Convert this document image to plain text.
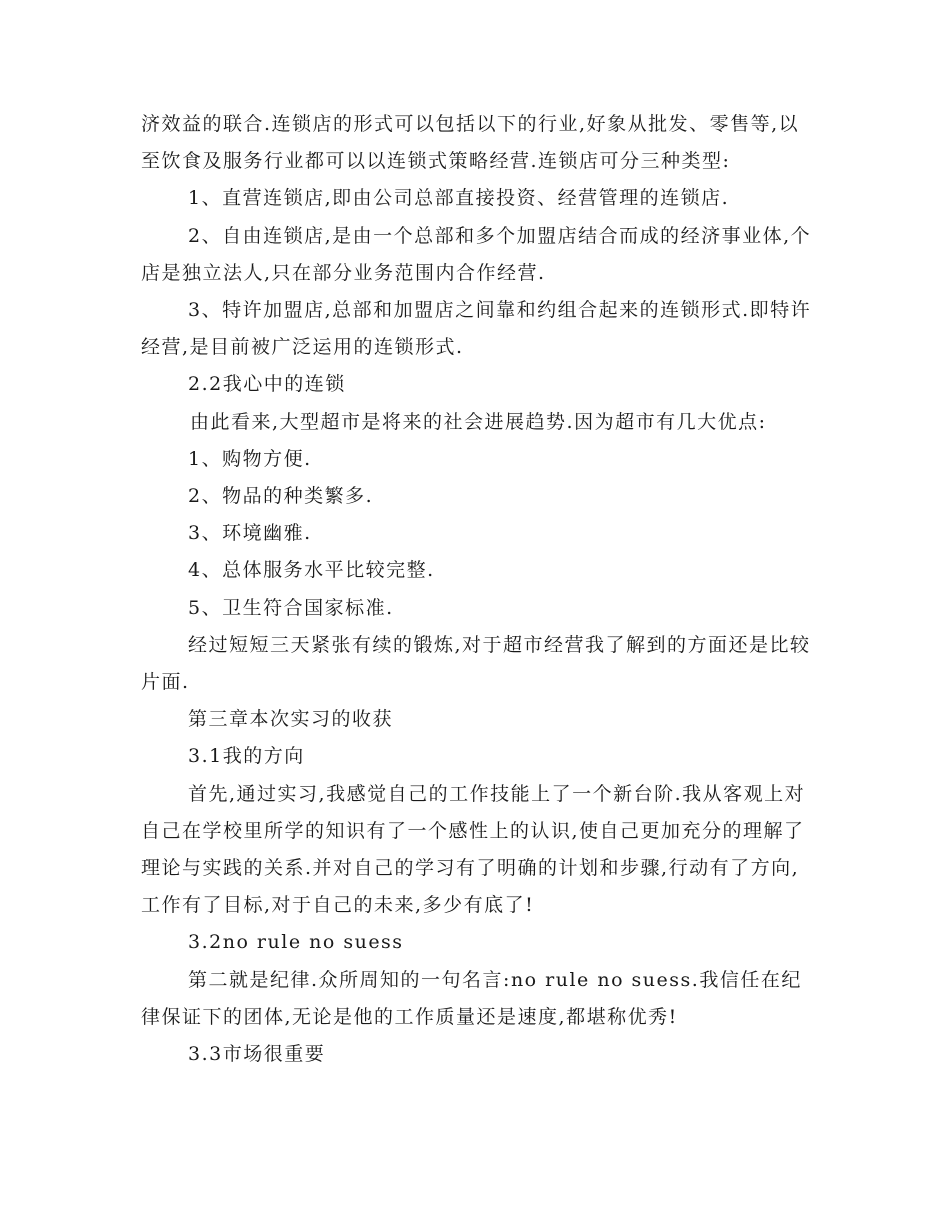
济效益的联合.连锁店的形式可以包括以下的行业,好象从批发、零售等,以至饮食及服务行业都可以以连锁式策略经营.连锁店可分三种类型:

1、直营连锁店,即由公司总部直接投资、经营管理的连锁店.

2、自由连锁店,是由一个总部和多个加盟店结合而成的经济事业体,个店是独立法人,只在部分业务范围内合作经营.

3、特许加盟店,总部和加盟店之间靠和约组合起来的连锁形式.即特许经营,是目前被广泛运用的连锁形式.

2.2我心中的连锁

由此看来,大型超市是将来的社会进展趋势.因为超市有几大优点:

1、购物方便.

2、物品的种类繁多.

3、环境幽雅.

4、总体服务水平比较完整.

5、卫生符合国家标准.

经过短短三天紧张有续的锻炼,对于超市经营我了解到的方面还是比较片面.

第三章本次实习的收获

3.1我的方向

首先,通过实习,我感觉自己的工作技能上了一个新台阶.我从客观上对自己在学校里所学的知识有了一个感性上的认识,使自己更加充分的理解了理论与实践的关系.并对自己的学习有了明确的计划和步骤,行动有了方向,工作有了目标,对于自己的未来,多少有底了!

3.2no rule no suess

第二就是纪律.众所周知的一句名言:no rule no suess.我信任在纪律保证下的团体,无论是他的工作质量还是速度,都堪称优秀!

3.3市场很重要
